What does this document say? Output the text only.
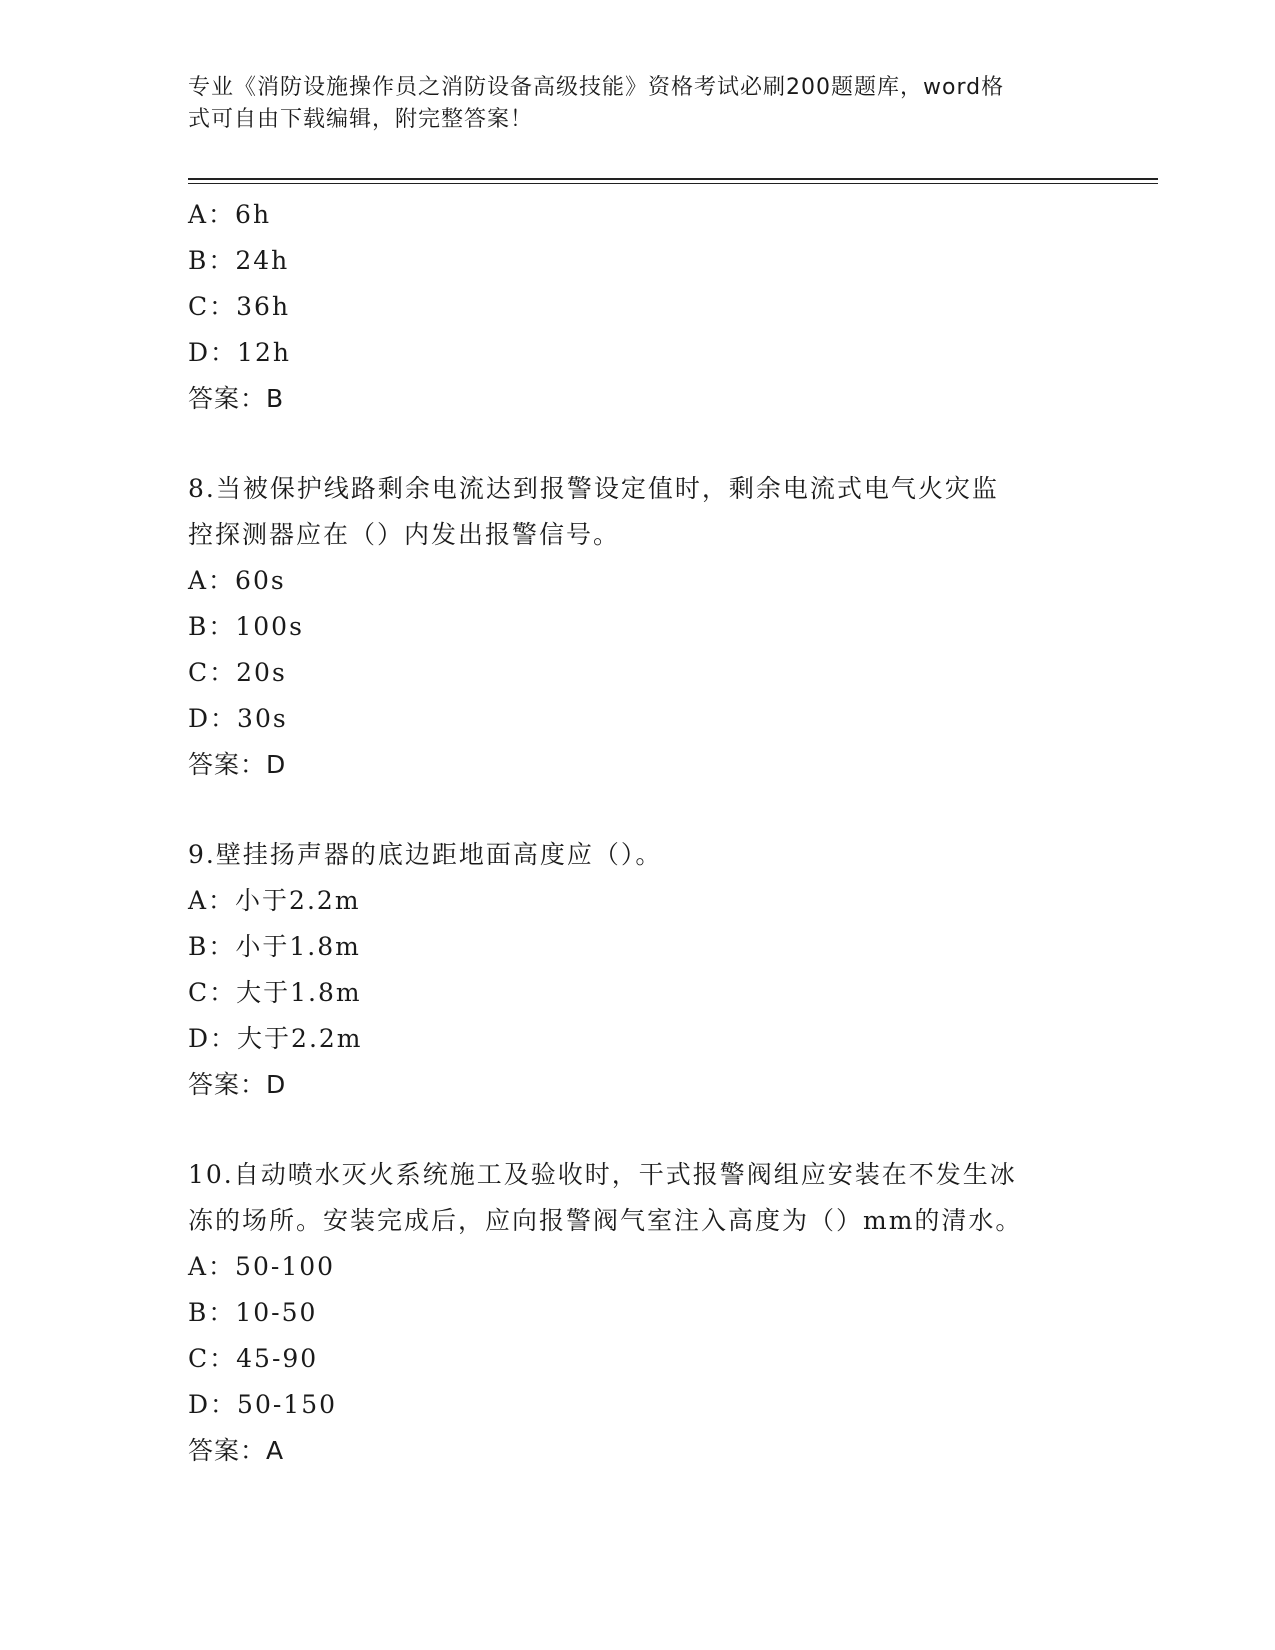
专业《消防设施操作员之消防设备高级技能》资格考试必刷200题题库，word格
式可自由下载编辑，附完整答案！
A：6h
B：24h
C：36h
D：12h
答案：B
8.当被保护线路剩余电流达到报警设定值时，剩余电流式电气火灾监
控探测器应在（）内发出报警信号。
A：60s
B：100s
C：20s
D：30s
答案：D
9.壁挂扬声器的底边距地面高度应（）。
A：小于2.2m
B：小于1.8m
C：大于1.8m
D：大于2.2m
答案：D
10.自动喷水灭火系统施工及验收时，干式报警阀组应安装在不发生冰
冻的场所。安装完成后，应向报警阀气室注入高度为（）mm的清水。
A：50-100
B：10-50
C：45-90
D：50-150
答案：A
